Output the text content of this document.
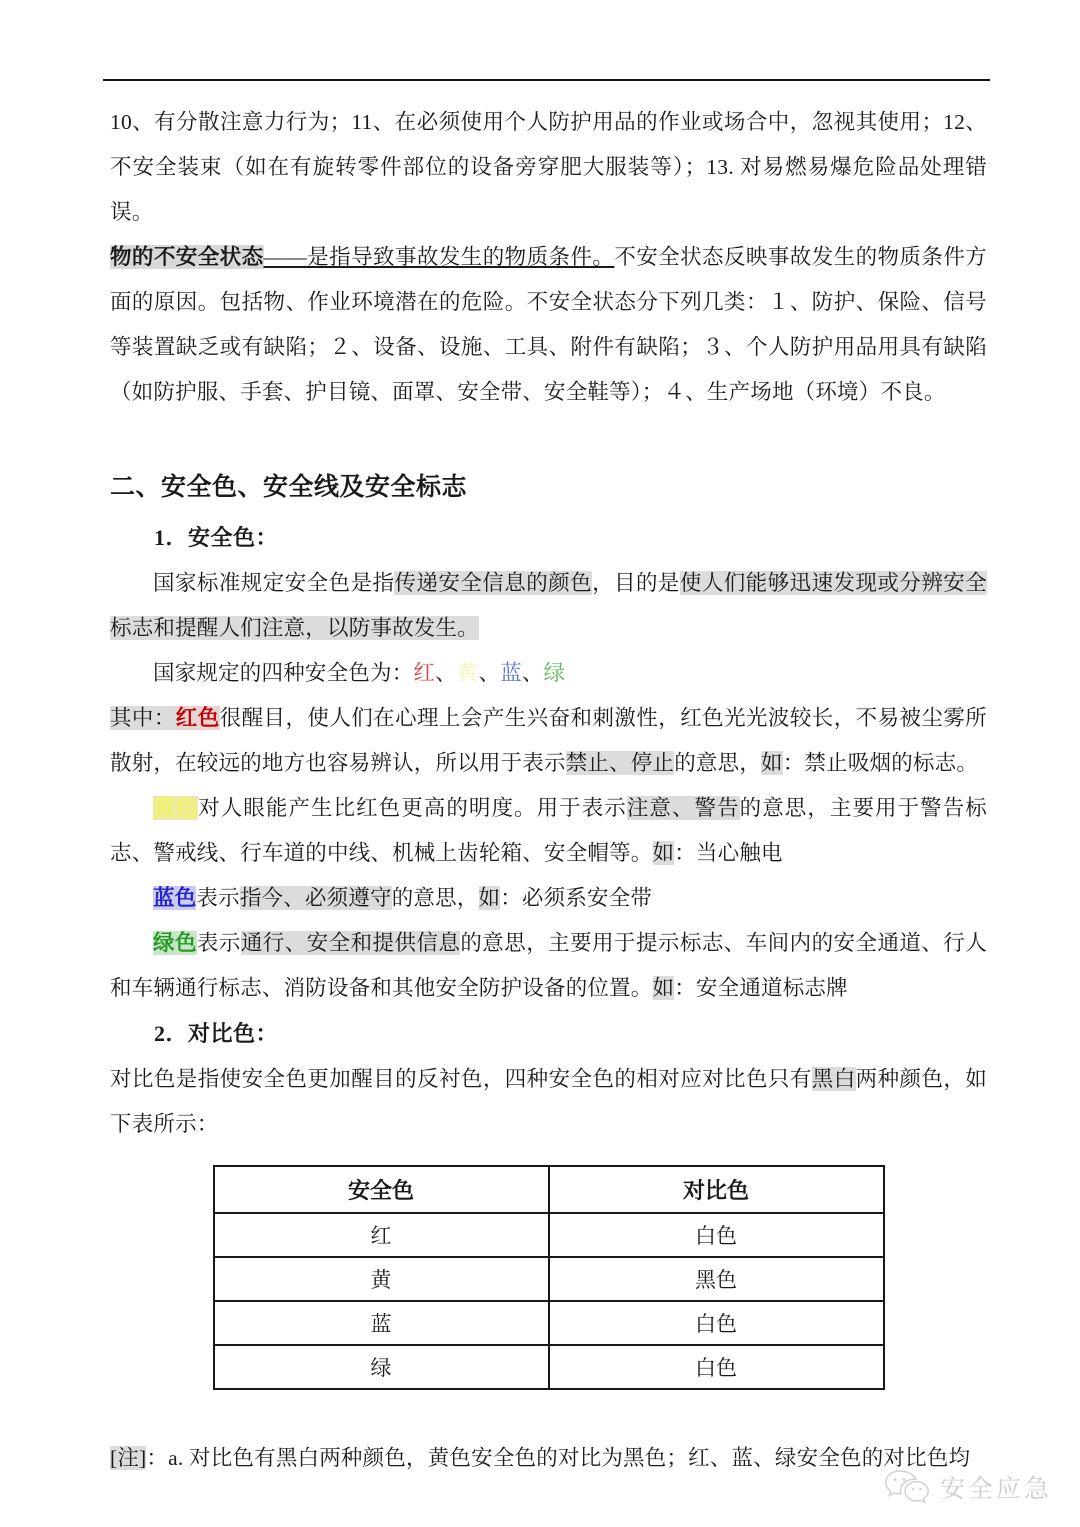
10、有分散注意力行为；11、在必须使用个人防护用品的作业或场合中，忽视其使用；12、不安全装束（如在有旋转零件部位的设备旁穿肥大服装等）；13. 对易燃易爆危险品处理错误。

物的不安全状态――是指导致事故发生的物质条件。不安全状态反映事故发生的物质条件方面的原因。包括物、作业环境潜在的危险。不安全状态分下列几类：１、防护、保险、信号等装置缺乏或有缺陷；２、设备、设施、工具、附件有缺陷；３、个人防护用品用具有缺陷（如防护服、手套、护目镜、面罩、安全带、安全鞋等）；４、生产场地（环境）不良。

二、安全色、安全线及安全标志
1．安全色：

国家标准规定安全色是指传递安全信息的颜色，目的是使人们能够迅速发现或分辨安全标志和提醒人们注意，以防事故发生。

国家规定的四种安全色为：红、黄、蓝、绿

其中：红色很醒目，使人们在心理上会产生兴奋和刺激性，红色光光波较长，不易被尘雾所散射，在较远的地方也容易辨认，所以用于表示禁止、停止的意思，如：禁止吸烟的标志。

黄色对人眼能产生比红色更高的明度。用于表示注意、警告的意思，主要用于警告标志、警戒线、行车道的中线、机械上齿轮箱、安全帽等。如：当心触电

蓝色表示指今、必须遵守的意思，如：必须系安全带

绿色表示通行、安全和提供信息的意思，主要用于提示标志、车间内的安全通道、行人和车辆通行标志、消防设备和其他安全防护设备的位置。如：安全通道标志牌

2．对比色：

对比色是指使安全色更加醒目的反衬色，四种安全色的相对应对比色只有黑白两种颜色，如下表所示：

安全色	对比色
红	白色
黄	黑色
蓝	白色
绿	白色

[注]：a. 对比色有黑白两种颜色，黄色安全色的对比为黑色；红、蓝、绿安全色的对比色均

安全应急
